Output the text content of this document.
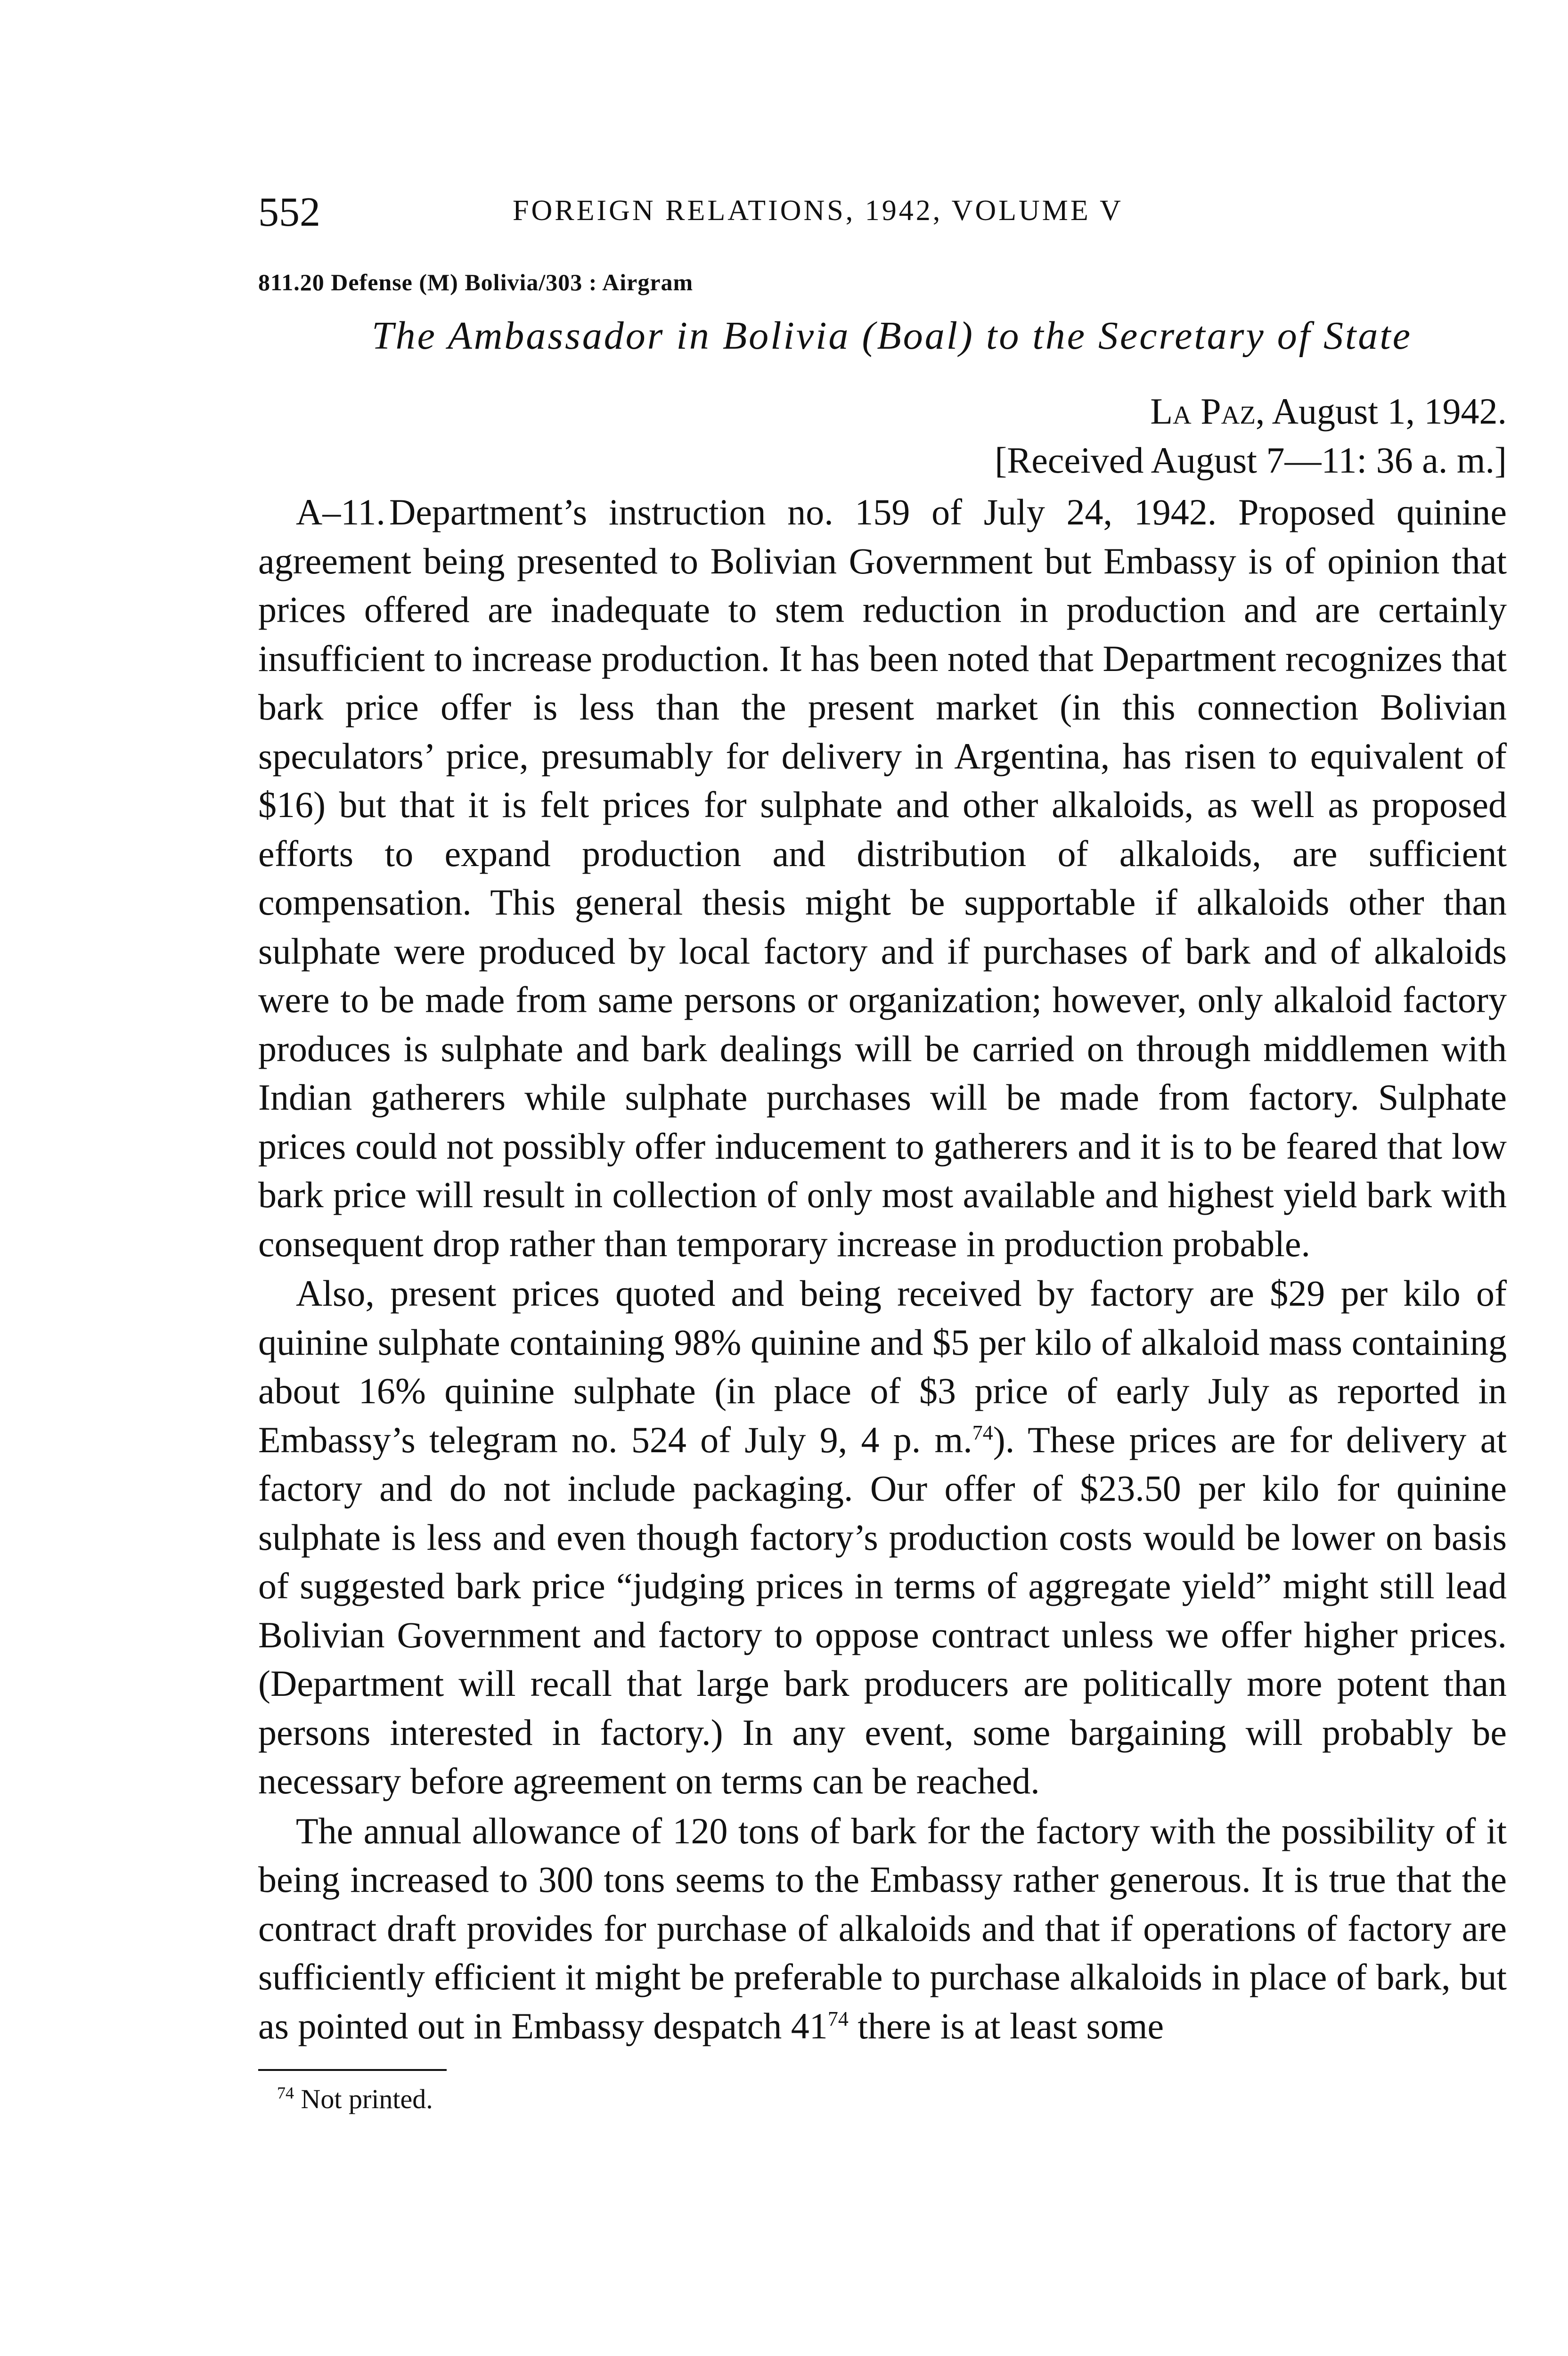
552	FOREIGN RELATIONS, 1942, VOLUME V
811.20 Defense (M) Bolivia/303 : Airgram
The Ambassador in Bolivia (Boal) to the Secretary of State
La Paz, August 1, 1942.
[Received August 7—11: 36 a. m.]

A–11. Department’s instruction no. 159 of July 24, 1942. Proposed quinine agreement being presented to Bolivian Government but Embassy is of opinion that prices offered are inadequate to stem reduction in production and are certainly insufficient to increase production. It has been noted that Department recognizes that bark price offer is less than the present market (in this connection Bolivian speculators’ price, presumably for delivery in Argentina, has risen to equivalent of $16) but that it is felt prices for sulphate and other alkaloids, as well as proposed efforts to expand production and distribution of alkaloids, are sufficient compensation. This general thesis might be supportable if alkaloids other than sulphate were produced by local factory and if purchases of bark and of alkaloids were to be made from same persons or organization; however, only alkaloid factory produces is sulphate and bark dealings will be carried on through middlemen with Indian gatherers while sulphate purchases will be made from factory. Sulphate prices could not possibly offer inducement to gatherers and it is to be feared that low bark price will result in collection of only most available and highest yield bark with consequent drop rather than temporary increase in production probable.

Also, present prices quoted and being received by factory are $29 per kilo of quinine sulphate containing 98% quinine and $5 per kilo of alkaloid mass containing about 16% quinine sulphate (in place of $3 price of early July as reported in Embassy’s telegram no. 524 of July 9, 4 p. m.$^{74}$). These prices are for delivery at factory and do not include packaging. Our offer of $23.50 per kilo for quinine sulphate is less and even though factory’s production costs would be lower on basis of suggested bark price “judging prices in terms of aggregate yield” might still lead Bolivian Government and factory to oppose contract unless we offer higher prices. (Department will recall that large bark producers are politically more potent than persons interested in factory.) In any event, some bargaining will probably be necessary before agreement on terms can be reached.

The annual allowance of 120 tons of bark for the factory with the possibility of it being increased to 300 tons seems to the Embassy rather generous. It is true that the contract draft provides for purchase of alkaloids and that if operations of factory are sufficiently efficient it might be preferable to purchase alkaloids in place of bark, but as pointed out in Embassy despatch $41^{74}$ there is at least some

$^{74}$ Not printed.
